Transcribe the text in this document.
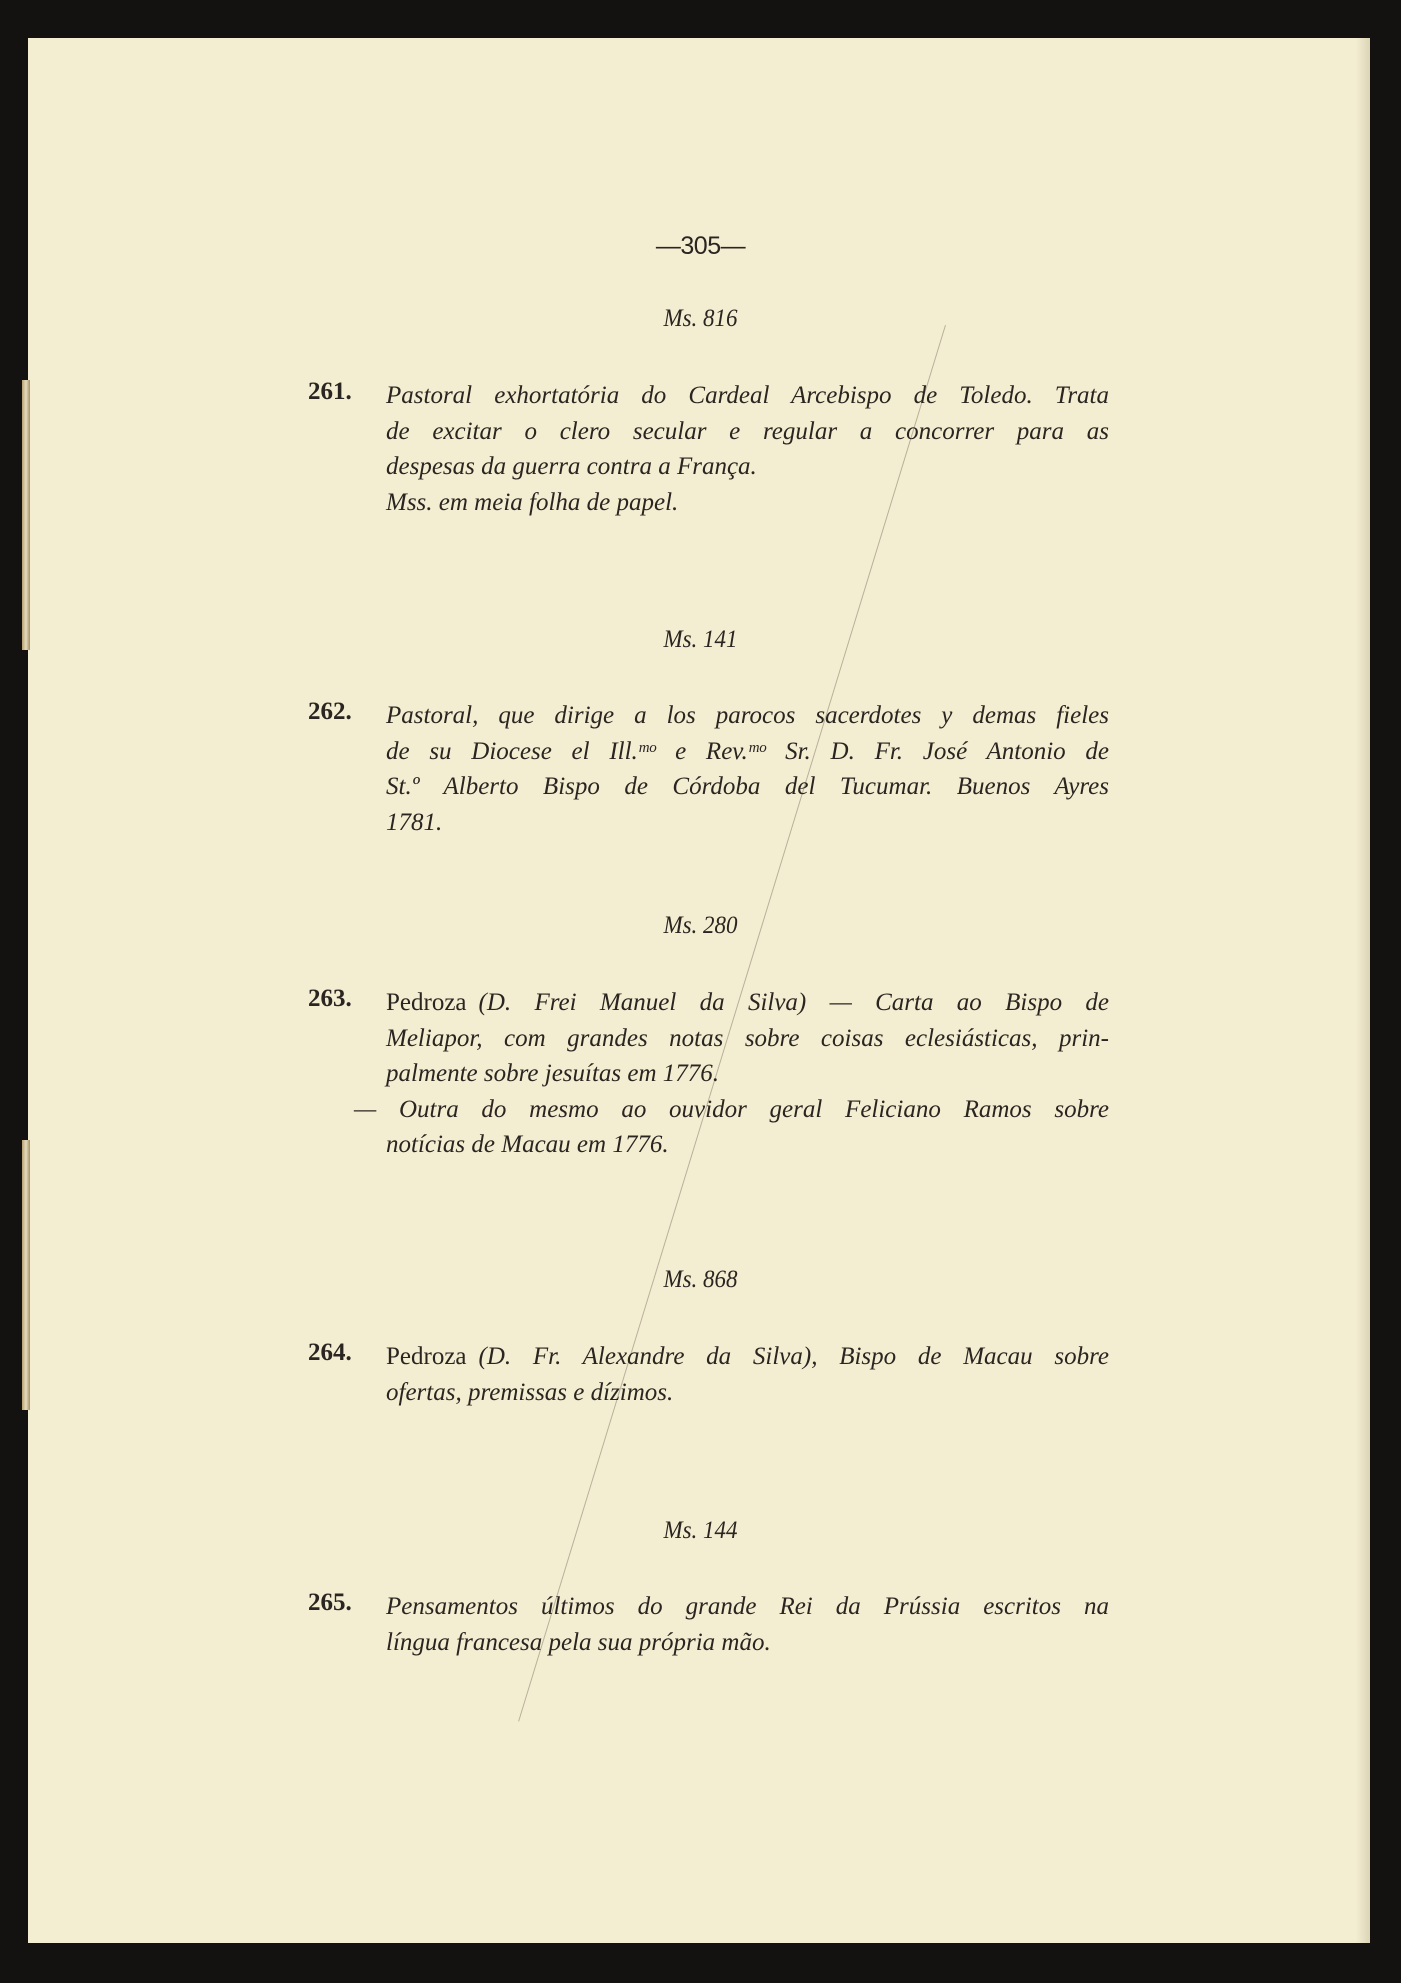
—305—
Ms. 816
261. Pastoral exhortatória do Cardeal Arcebispo de Toledo. Trata
de excitar o clero secular e regular a concorrer para as
despesas da guerra contra a França.
Mss. em meia folha de papel.
Ms. 141
262. Pastoral, que dirige a los parocos sacerdotes y demas fieles
de su Diocese el Ill.ᵐᵒ e Rev.ᵐᵒ Sr. D. Fr. José Antonio de
St.º Alberto Bispo de Córdoba del Tucumar. Buenos Ayres
1781.
Ms. 280
263. Pedroza (D. Frei Manuel da Silva) — Carta ao Bispo de
Meliapor, com grandes notas sobre coisas eclesiásticas, prin-
palmente sobre jesuítas em 1776.
— Outra do mesmo ao ouvidor geral Feliciano Ramos sobre
notícias de Macau em 1776.
Ms. 868
264. Pedroza (D. Fr. Alexandre da Silva), Bispo de Macau sobre
ofertas, premissas e dízimos.
Ms. 144
265. Pensamentos últimos do grande Rei da Prússia escritos na
língua francesa pela sua própria mão.
